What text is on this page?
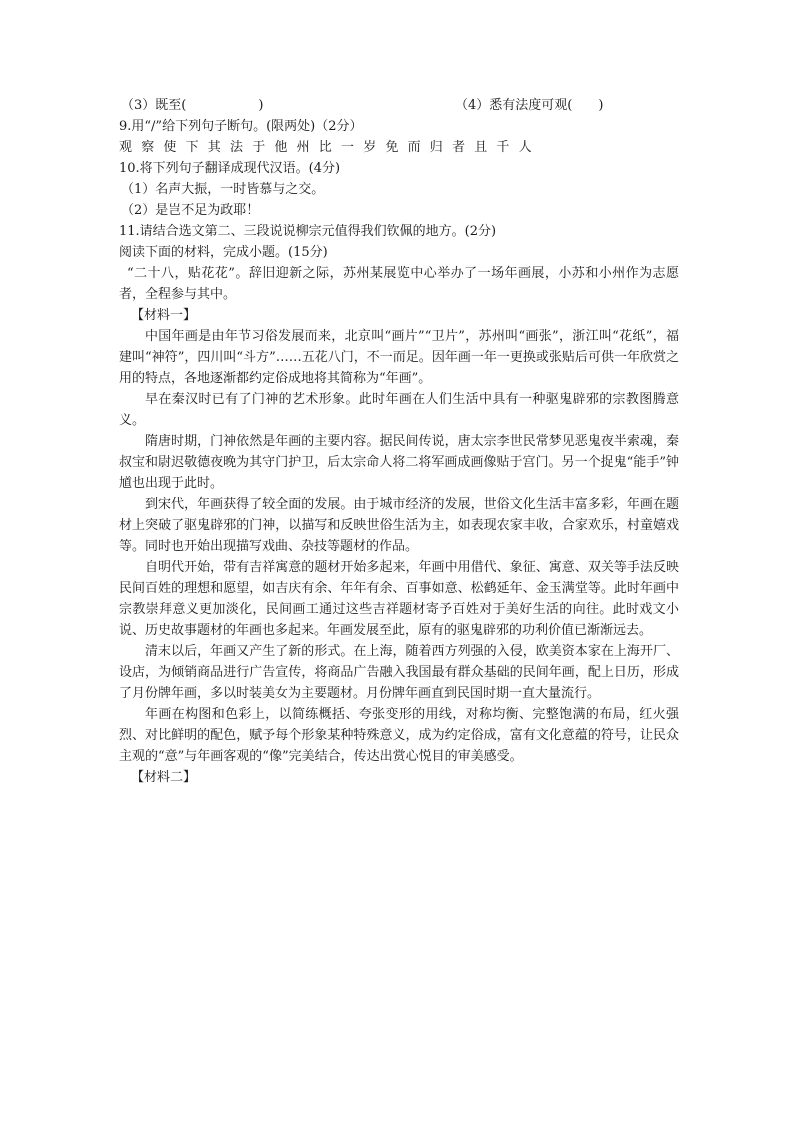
（3）既至(	)	（4）悉有法度可观( )
9.用“/”给下列句子断句。(限两处)（2分）
观察使下其法于他州比一岁免而归者且千人
10.将下列句子翻译成现代汉语。(4分)
（1）名声大振，一时皆慕与之交。
（2）是岂不足为政耶！
11.请结合选文第二、三段说说柳宗元值得我们钦佩的地方。(2分)
阅读下面的材料，完成小题。(15分)

“二十八，贴花花”。辞旧迎新之际，苏州某展览中心举办了一场年画展，小苏和小州作为志愿者，全程参与其中。

【材料一】

中国年画是由年节习俗发展而来，北京叫“画片”“卫片”，苏州叫“画张”，浙江叫“花纸”，福建叫“神符”，四川叫“斗方”……五花八门，不一而足。因年画一年一更换或张贴后可供一年欣赏之用的特点，各地逐渐都约定俗成地将其简称为“年画”。

早在秦汉时已有了门神的艺术形象。此时年画在人们生活中具有一种驱鬼辟邪的宗教图腾意义。

隋唐时期，门神依然是年画的主要内容。据民间传说，唐太宗李世民常梦见恶鬼夜半索魂，秦叔宝和尉迟敬德夜晚为其守门护卫，后太宗命人将二将军画成画像贴于宫门。另一个捉鬼“能手”钟馗也出现于此时。

到宋代，年画获得了较全面的发展。由于城市经济的发展，世俗文化生活丰富多彩，年画在题材上突破了驱鬼辟邪的门神，以描写和反映世俗生活为主，如表现农家丰收，合家欢乐，村童嬉戏等。同时也开始出现描写戏曲、杂技等题材的作品。

自明代开始，带有吉祥寓意的题材开始多起来，年画中用借代、象征、寓意、双关等手法反映民间百姓的理想和愿望，如吉庆有余、年年有余、百事如意、松鹤延年、金玉满堂等。此时年画中宗教崇拜意义更加淡化，民间画工通过这些吉祥题材寄予百姓对于美好生活的向往。此时戏文小说、历史故事题材的年画也多起来。年画发展至此，原有的驱鬼辟邪的功利价值已渐渐远去。

清末以后，年画又产生了新的形式。在上海，随着西方列强的入侵，欧美资本家在上海开厂、设店，为倾销商品进行广告宣传，将商品广告融入我国最有群众基础的民间年画，配上日历，形成了月份牌年画，多以时装美女为主要题材。月份牌年画直到民国时期一直大量流行。

年画在构图和色彩上，以简练概括、夸张变形的用线，对称均衡、完整饱满的布局，红火强烈、对比鲜明的配色，赋予每个形象某种特殊意义，成为约定俗成，富有文化意蕴的符号，让民众主观的“意”与年画客观的“像”完美结合，传达出赏心悦目的审美感受。

【材料二】
